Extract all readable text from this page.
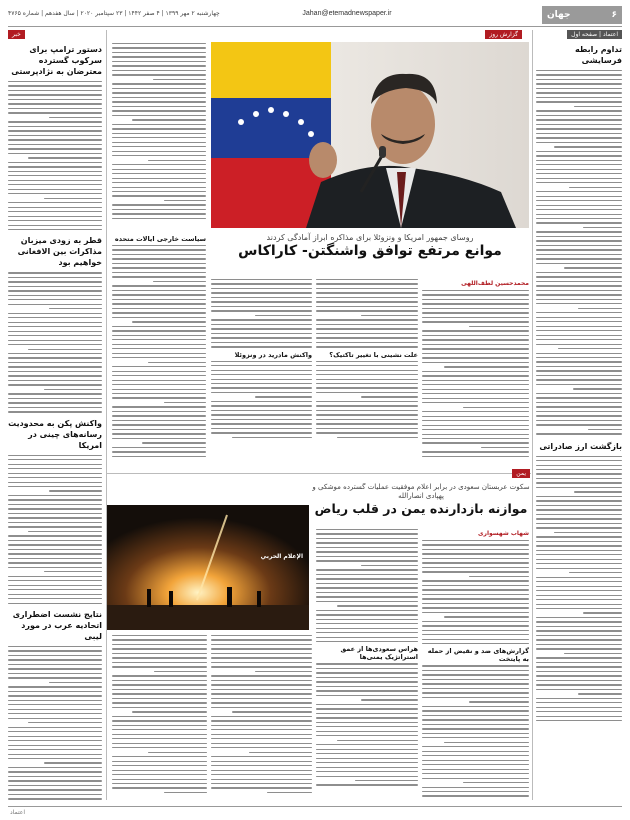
۶
جهان
Jahan@etemadnewspaper.ir
چهارشنبه ۲ مهر ۱۳۹۹ | ۴ صفر ۱۴۴۲ | ۲۳ سپتامبر ۲۰۲۰ | سال هفدهم | شماره ۴۷۶۵
اعتماد | صفحه اول
گزارش روز
خبر
تداوم رابطه فرسایشی
بازگشت ارز صادراتی
روسای جمهور امریکا و ونزوئلا برای مذاکره ابراز آمادگی کردند
موانع مرتفع توافق واشنگتن- کاراکاس
محمدحسین لطف‌اللهی
علت نشینی با تغییر تاکتیک؟
واکنش مادرید در ونزوئلا
سیاست خارجی ایالات متحده
یمن
سکوت عربستان سعودی در برابر اعلام موفقیت عملیات گسترده موشکی و پهپادی انصارالله
موازنه بازدارنده یمن در قلب ریاض
الإعلام الحربي
شهاب شهسواری
گزارش‌های ضد و نقیض از حمله به پایتخت
هراس سعودی‌ها از عمق استراتژیک یمنی‌ها
دستور ترامپ برای سرکوب گسترده معترضان به نژادپرستی
قطر به زودی میزبان مذاکرات بین الافغانی خواهیم بود
واکنش پکن به محدودیت رسانه‌های چینی در امریکا
نتایج نشست اضطراری اتحادیه عرب در مورد لیبی
اعتماد
